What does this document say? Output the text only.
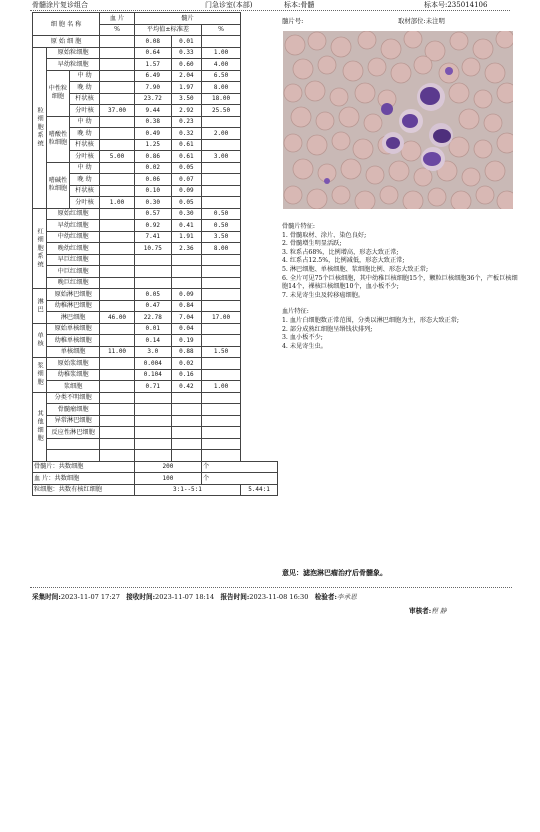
骨髓涂片复诊组合	门急诊室(本部)	标本:骨髓	标本号:235014106
细 胞 名 称			血 片	髓片			
			%	平均值±标准差		%	
原 始 细 胞				0.08	0.01		
粒细胞系统	原始粒细胞			0.64	0.33	1.00	
	早幼粒细胞			1.57	0.60	4.00	
	中性粒细胞	中 幼		6.49	2.04	6.50	
		晚 幼		7.90	1.97	8.00	
		杆状核		23.72	3.50	18.00	
		分叶核	37.00	9.44	2.92	25.50	
	嗜酸性粒细胞	中 幼		0.38	0.23		
		晚 幼		0.49	0.32	2.00	
		杆状核		1.25	0.61		
		分叶核	5.00	0.86	0.61	3.00	
	嗜碱性粒细胞	中 幼		0.02	0.05		
		晚 幼		0.06	0.07		
		杆状核		0.10	0.09		
		分叶核	1.00	0.30	0.05		
红细胞系统	原始红细胞			0.57	0.30	0.50	
	早幼红细胞			0.92	0.41	0.50	
	中幼红细胞			7.41	1.91	3.50	
	晚幼红细胞			10.75	2.36	8.00	
	早巨红细胞						
	中巨红细胞						
	晚巨红细胞						
淋巴	原始淋巴细胞			0.05	0.09		
	幼稚淋巴细胞			0.47	0.84		
	淋巴细胞		46.00	22.78	7.04	17.00	
单核	原始单核细胞			0.01	0.04		
	幼稚单核细胞			0.14	0.19		
	单核细胞		11.00	3.0	0.88	1.50	
浆细胞	原始浆细胞			0.004	0.02		
	幼稚浆细胞			0.104	0.16		
	浆细胞			0.71	0.42	1.00	
其他细胞	分类不明细胞						
	骨髓瘤细胞						
	异常淋巴细胞						
	反应性淋巴细胞						

骨髓片：共数细胞				200		个	
血 片：共数细胞				100		个	
粒细胞：共数有核红细胞				3:1--5:1			5.44:1
髓片号:	取材部位:未注明
骨髓片特征:
1. 骨髓取材、涂片、染色良好;
2. 骨髓增生明显活跃;
3. 粒系占68%，比例增高，形态大致正常;
4. 红系占12.5%，比例减低，形态大致正常;
5. 淋巴细胞、单核细胞、浆细胞比例、形态大致正常;
6. 全片可见75个巨核细胞，其中幼稚巨核细胞15个，颗粒巨核细胞36个，产板巨核细胞14个，裸核巨核细胞10个，血小板不少;
7. 未见寄生虫及转移癌细胞。
血片特征:
1. 血片白细胞数正常范围，分类以淋巴细胞为主，形态大致正常;
2. 部分成熟红细胞呈缗钱状排列;
3. 血小板不少;
4. 未见寄生虫。
意见：滤泡淋巴瘤治疗后骨髓象。
采集时间:2023-11-07 17:27 接收时间:2023-11-07 18:14 报告时间:2023-11-08 16:30 检验者:李承恩
审核者:程 静
